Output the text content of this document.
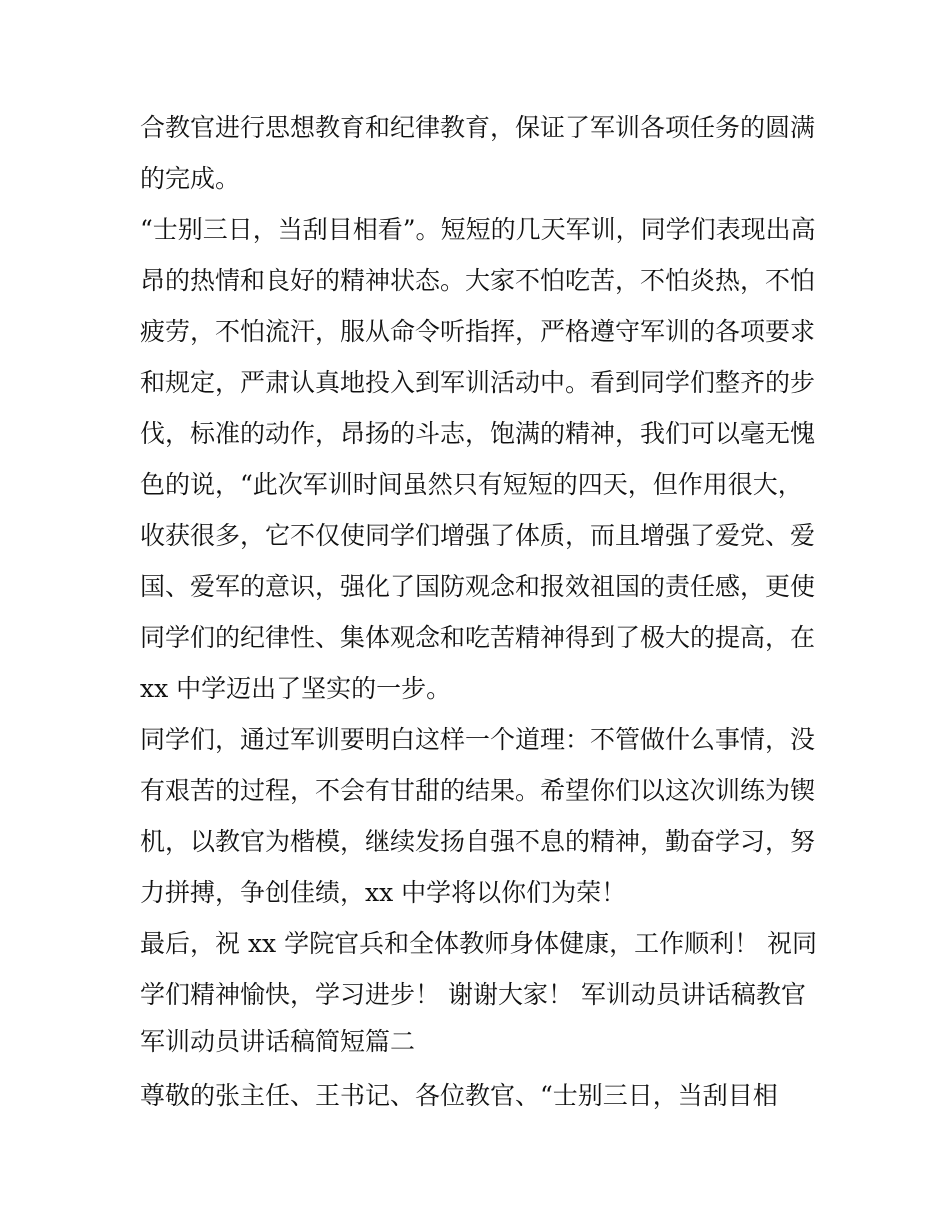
合教官进行思想教育和纪律教育，保证了军训各项任务的圆满
的完成。
“士别三日，当刮目相看”。短短的几天军训，同学们表现出高
昂的热情和良好的精神状态。大家不怕吃苦，不怕炎热，不怕
疲劳，不怕流汗，服从命令听指挥，严格遵守军训的各项要求
和规定，严肃认真地投入到军训活动中。看到同学们整齐的步
伐，标准的动作，昂扬的斗志，饱满的精神，我们可以毫无愧
色的说，“此次军训时间虽然只有短短的四天，但作用很大，
收获很多，它不仅使同学们增强了体质，而且增强了爱党、爱
国、爱军的意识，强化了国防观念和报效祖国的责任感，更使
同学们的纪律性、集体观念和吃苦精神得到了极大的提高，在
xx 中学迈出了坚实的一步。
同学们，通过军训要明白这样一个道理：不管做什么事情，没
有艰苦的过程，不会有甘甜的结果。希望你们以这次训练为锲
机，以教官为楷模，继续发扬自强不息的精神，勤奋学习，努
力拼搏，争创佳绩，xx 中学将以你们为荣！
最后，祝 xx 学院官兵和全体教师身体健康，工作顺利！ 祝同
学们精神愉快，学习进步！ 谢谢大家！ 军训动员讲话稿教官
军训动员讲话稿简短篇二
尊敬的张主任、王书记、各位教官、“士别三日，当刮目相
